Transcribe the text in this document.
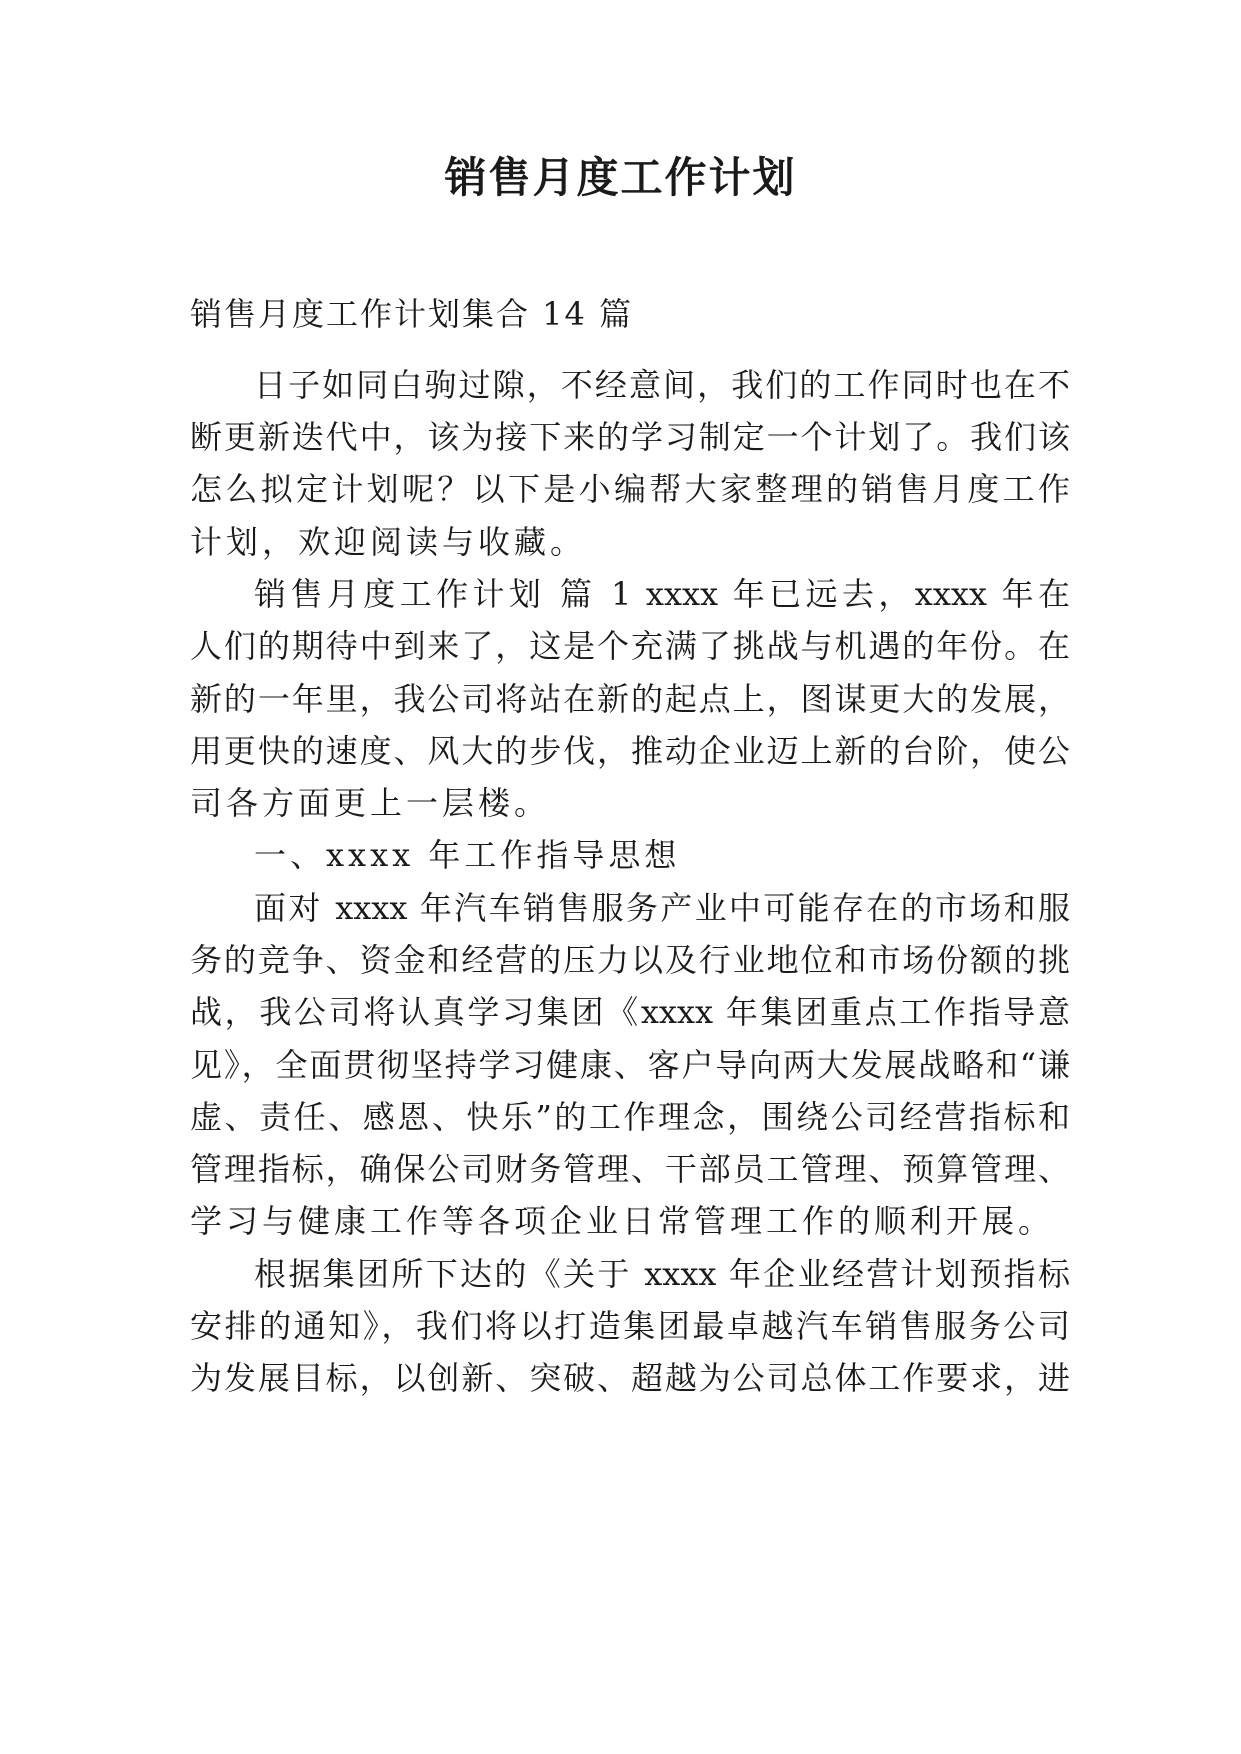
销售月度工作计划
销售月度工作计划集合 14 篇
日子如同白驹过隙，不经意间，我们的工作同时也在不
断更新迭代中，该为接下来的学习制定一个计划了。我们该
怎么拟定计划呢？以下是小编帮大家整理的销售月度工作
计划，欢迎阅读与收藏。
销售月度工作计划 篇 1 xxxx 年已远去，xxxx 年在
人们的期待中到来了，这是个充满了挑战与机遇的年份。在
新的一年里，我公司将站在新的起点上，图谋更大的发展，
用更快的速度、风大的步伐，推动企业迈上新的台阶，使公
司各方面更上一层楼。
一、xxxx 年工作指导思想
面对 xxxx 年汽车销售服务产业中可能存在的市场和服
务的竞争、资金和经营的压力以及行业地位和市场份额的挑
战，我公司将认真学习集团《xxxx 年集团重点工作指导意
见》，全面贯彻坚持学习健康、客户导向两大发展战略和“谦
虚、责任、感恩、快乐”的工作理念，围绕公司经营指标和
管理指标，确保公司财务管理、干部员工管理、预算管理、
学习与健康工作等各项企业日常管理工作的顺利开展。
根据集团所下达的《关于 xxxx 年企业经营计划预指标
安排的通知》，我们将以打造集团最卓越汽车销售服务公司
为发展目标，以创新、突破、超越为公司总体工作要求，进
